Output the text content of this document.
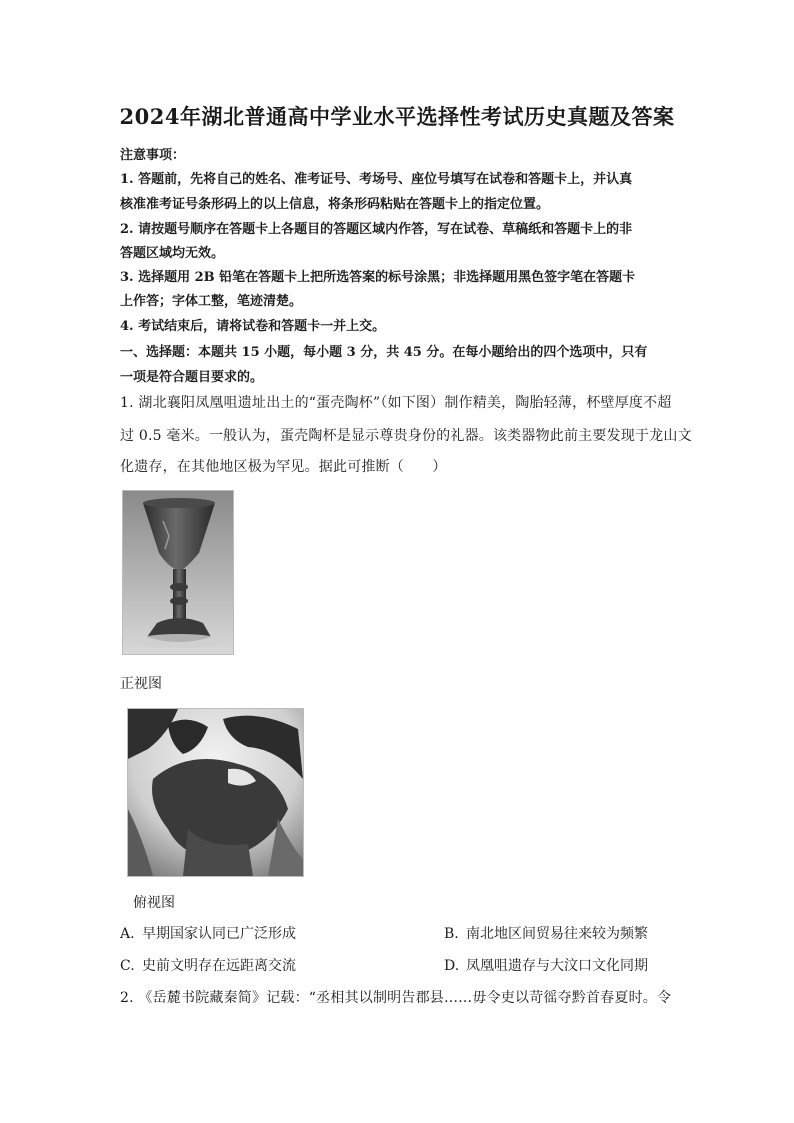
2024年湖北普通高中学业水平选择性考试历史真题及答案
注意事项：
1. 答题前，先将自己的姓名、准考证号、考场号、座位号填写在试卷和答题卡上，并认真
核准准考证号条形码上的以上信息，将条形码粘贴在答题卡上的指定位置。
2. 请按题号顺序在答题卡上各题目的答题区域内作答，写在试卷、草稿纸和答题卡上的非
答题区域均无效。
3. 选择题用 2B 铅笔在答题卡上把所选答案的标号涂黑；非选择题用黑色签字笔在答题卡
上作答；字体工整，笔迹清楚。
4. 考试结束后，请将试卷和答题卡一并上交。
一、选择题：本题共 15 小题，每小题 3 分，共 45 分。在每小题给出的四个选项中，只有
一项是符合题目要求的。
1. 湖北襄阳凤凰咀遗址出土的“蛋壳陶杯”（如下图）制作精美，陶胎轻薄，杯壁厚度不超
过 0.5 毫米。一般认为，蛋壳陶杯是显示尊贵身份的礼器。该类器物此前主要发现于龙山文
化遗存，在其他地区极为罕见。据此可推断（　　）
正视图
俯视图
A. 早期国家认同已广泛形成	B. 南北地区间贸易往来较为频繁
C. 史前文明存在远距离交流	D. 凤凰咀遗存与大汶口文化同期
2. 《岳麓书院藏秦简》记载：“丞相其以制明告郡县……毋令吏以苛徭夺黔首春夏时。令
